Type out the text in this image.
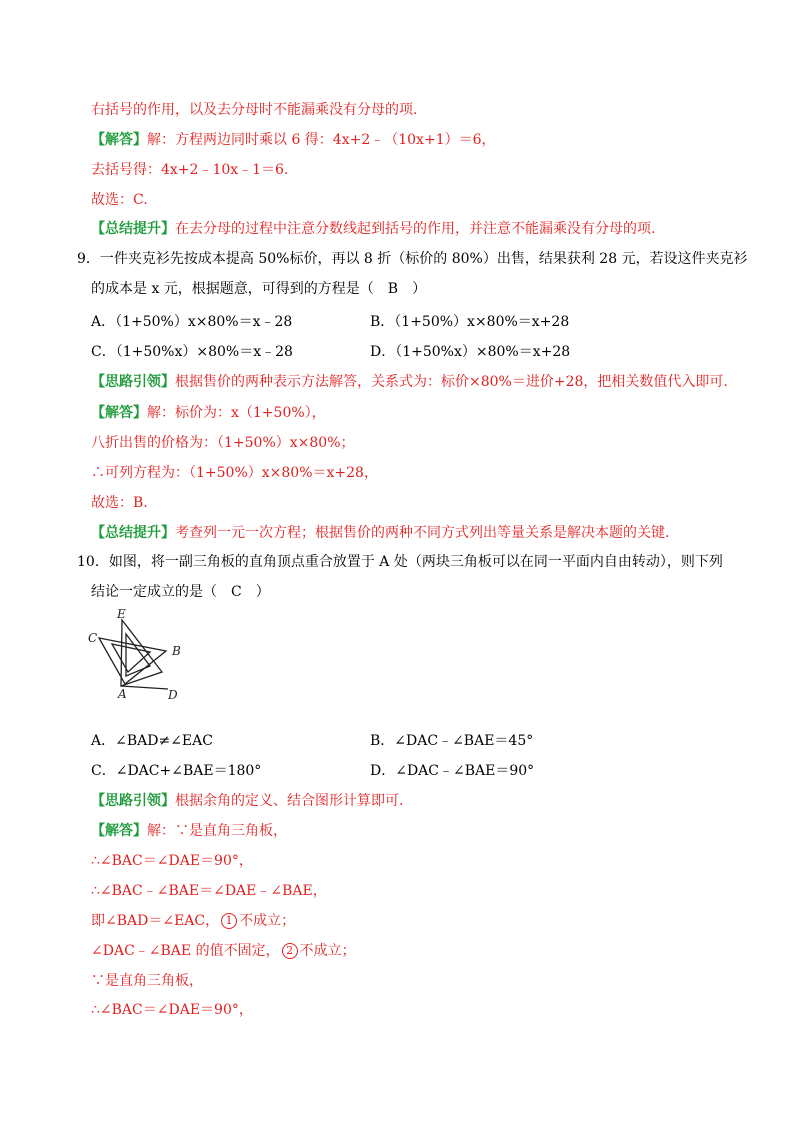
右括号的作用，以及去分母时不能漏乘没有分母的项.
【解答】解：方程两边同时乘以 6 得：4x+2﹣（10x+1）＝6，
去括号得：4x+2﹣10x﹣1＝6.
故选：C.
【总结提升】在去分母的过程中注意分数线起到括号的作用，并注意不能漏乘没有分母的项.
9．一件夹克衫先按成本提高 50%标价，再以 8 折（标价的 80%）出售，结果获利 28 元，若设这件夹克衫
的成本是 x 元，根据题意，可得到的方程是（　B　）
A．（1+50%）x×80%＝x﹣28	B．（1+50%）x×80%＝x+28
C．（1+50%x）×80%＝x﹣28	D．（1+50%x）×80%＝x+28
【思路引领】根据售价的两种表示方法解答，关系式为：标价×80%＝进价+28，把相关数值代入即可.
【解答】解：标价为：x（1+50%），
八折出售的价格为：（1+50%）x×80%；
∴可列方程为：（1+50%）x×80%＝x+28，
故选：B.
【总结提升】考查列一元一次方程；根据售价的两种不同方式列出等量关系是解决本题的关键.
10．如图，将一副三角板的直角顶点重合放置于 A 处（两块三角板可以在同一平面内自由转动），则下列
结论一定成立的是（　C　）
E
C
B
A	D
A．∠BAD≠∠EAC	B．∠DAC﹣∠BAE＝45°
C．∠DAC+∠BAE＝180°	D．∠DAC﹣∠BAE＝90°
【思路引领】根据余角的定义、结合图形计算即可.
【解答】解：∵是直角三角板，
∴∠BAC＝∠DAE＝90°，
∴∠BAC﹣∠BAE＝∠DAE﹣∠BAE，
即∠BAD＝∠EAC， 1 不成立；
∠DAC﹣∠BAE 的值不固定， 2 不成立；
∵是直角三角板，
∴∠BAC＝∠DAE＝90°，
